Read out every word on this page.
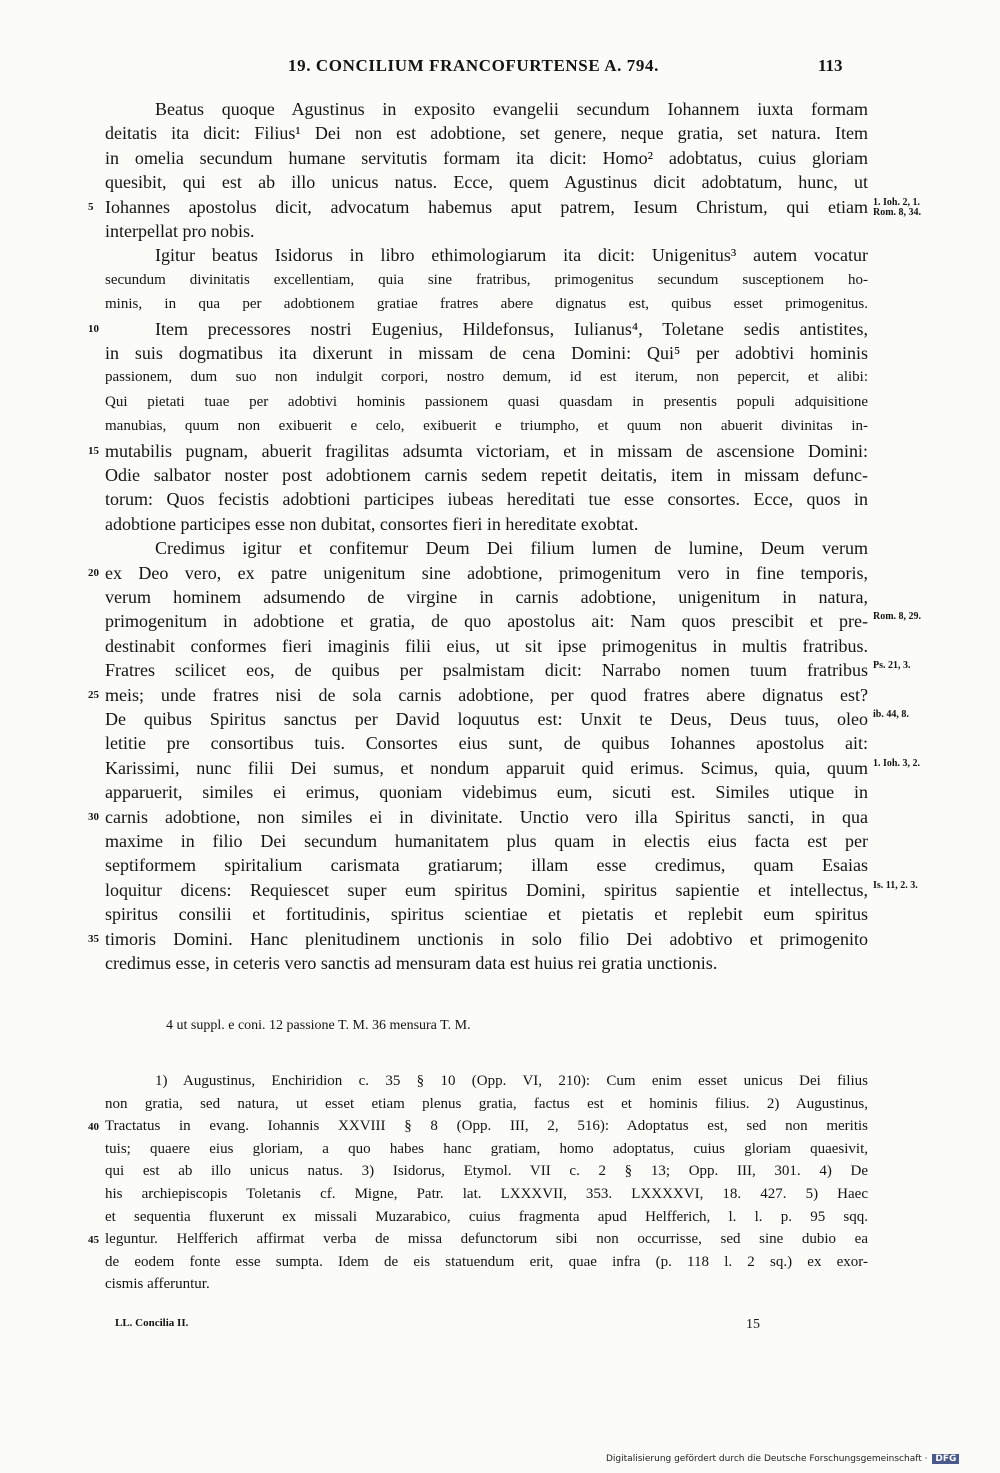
19. CONCILIUM FRANCOFURTENSE A. 794.	113
Beatus quoque Agustinus in exposito evangelii secundum Iohannem iuxta formam
deitatis ita dicit: Filius¹ Dei non est adobtione, set genere, neque gratia, set natura. Item
in omelia secundum humane servitutis formam ita dicit: Homo² adobtatus, cuius gloriam
quesibit, qui est ab illo unicus natus. Ecce, quem Agustinus dicit adobtatum, hunc, ut
Iohannes apostolus dicit, advocatum habemus aput patrem, Iesum Christum, qui etiam
interpellat pro nobis.
Igitur beatus Isidorus in libro ethimologiarum ita dicit: Unigenitus³ autem vocatur
secundum divinitatis excellentiam, quia sine fratribus, primogenitus secundum susceptionem ho-
minis, in qua per adobtionem gratiae fratres abere dignatus est, quibus esset primogenitus.
Item precessores nostri Eugenius, Hildefonsus, Iulianus⁴, Toletane sedis antistites,
in suis dogmatibus ita dixerunt in missam de cena Domini: Qui⁵ per adobtivi hominis
passionem, dum suo non indulgit corpori, nostro demum, id est iterum, non pepercit, et alibi:
Qui pietati tuae per adobtivi hominis passionem quasi quasdam in presentis populi adquisitione
manubias, quum non exibuerit e celo, exibuerit e triumpho, et quum non abuerit divinitas in-
mutabilis pugnam, abuerit fragilitas adsumta victoriam, et in missam de ascensione Domini:
Odie salbator noster post adobtionem carnis sedem repetit deitatis, item in missam defunc-
torum: Quos fecistis adobtioni participes iubeas hereditati tue esse consortes. Ecce, quos in
adobtione participes esse non dubitat, consortes fieri in hereditate exobtat.
Credimus igitur et confitemur Deum Dei filium lumen de lumine, Deum verum
ex Deo vero, ex patre unigenitum sine adobtione, primogenitum vero in fine temporis,
verum hominem adsumendo de virgine in carnis adobtione, unigenitum in natura,
primogenitum in adobtione et gratia, de quo apostolus ait: Nam quos prescibit et pre-
destinabit conformes fieri imaginis filii eius, ut sit ipse primogenitus in multis fratribus.
Fratres scilicet eos, de quibus per psalmistam dicit: Narrabo nomen tuum fratribus
meis; unde fratres nisi de sola carnis adobtione, per quod fratres abere dignatus est?
De quibus Spiritus sanctus per David loquutus est: Unxit te Deus, Deus tuus, oleo
letitie pre consortibus tuis. Consortes eius sunt, de quibus Iohannes apostolus ait:
Karissimi, nunc filii Dei sumus, et nondum apparuit quid erimus. Scimus, quia, quum
apparuerit, similes ei erimus, quoniam videbimus eum, sicuti est. Similes utique in
carnis adobtione, non similes ei in divinitate. Unctio vero illa Spiritus sancti, in qua
maxime in filio Dei secundum humanitatem plus quam in electis eius facta est per
septiformem spiritalium carismata gratiarum; illam esse credimus, quam Esaias
loquitur dicens: Requiescet super eum spiritus Domini, spiritus sapientie et intellectus,
spiritus consilii et fortitudinis, spiritus scientiae et pietatis et replebit eum spiritus
timoris Domini. Hanc plenitudinem unctionis in solo filio Dei adobtivo et primogenito
credimus esse, in ceteris vero sanctis ad mensuram data est huius rei gratia unctionis.
5
10
15
20
25
30
35
1. Ioh. 2, 1.
Rom. 8, 34.
Rom. 8, 29.
Ps. 21, 3.
ib. 44, 8.
1. Ioh. 3, 2.
Is. 11, 2. 3.
4 ut suppl. e coni. 12 passione T. M. 36 mensura T. M.
1) Augustinus, Enchiridion c. 35 § 10 (Opp. VI, 210): Cum enim esset unicus Dei filius
non gratia, sed natura, ut esset etiam plenus gratia, factus est et hominis filius. 2) Augustinus,
Tractatus in evang. Iohannis XXVIII § 8 (Opp. III, 2, 516): Adoptatus est, sed non meritis
tuis; quaere eius gloriam, a quo habes hanc gratiam, homo adoptatus, cuius gloriam quaesivit,
qui est ab illo unicus natus. 3) Isidorus, Etymol. VII c. 2 § 13; Opp. III, 301. 4) De
his archiepiscopis Toletanis cf. Migne, Patr. lat. LXXXVII, 353. LXXXXVI, 18. 427. 5) Haec
et sequentia fluxerunt ex missali Muzarabico, cuius fragmenta apud Helfferich, l. l. p. 95 sqq.
leguntur. Helfferich affirmat verba de missa defunctorum sibi non occurrisse, sed sine dubio ea
de eodem fonte esse sumpta. Idem de eis statuendum erit, quae infra (p. 118 l. 2 sq.) ex exor-
cismis afferuntur.
40
45
LL. Concilia II.	15
Digitalisierung gefördert durch die Deutsche Forschungsgemeinschaft · DFG
